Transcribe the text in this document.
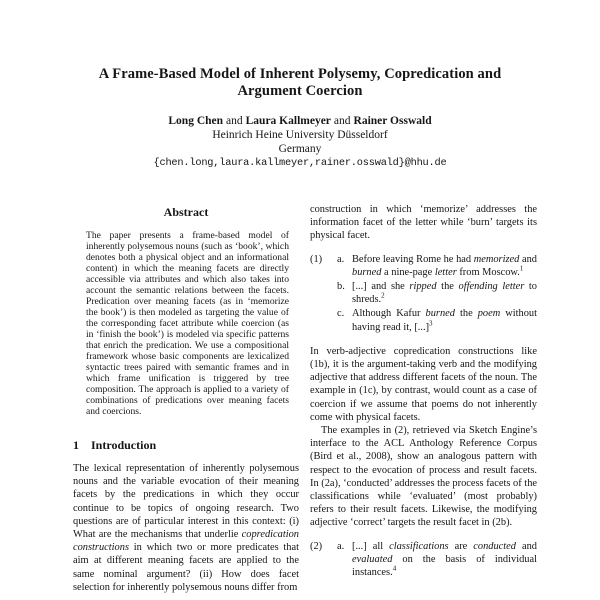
A Frame-Based Model of Inherent Polysemy, Copredication and
Argument Coercion
Long Chen and Laura Kallmeyer and Rainer Osswald
Heinrich Heine University Düsseldorf
Germany
{chen.long,laura.kallmeyer,rainer.osswald}@hhu.de
Abstract
The paper presents a frame-based model of inherently polysemous nouns (such as ‘book’, which denotes both a physical object and an informational content) in which the meaning facets are directly accessible via attributes and which also takes into account the semantic relations between the facets. Predication over meaning facets (as in ‘memorize the book’) is then modeled as targeting the value of the corresponding facet attribute while coercion (as in ‘finish the book’) is modeled via specific patterns that enrich the predication. We use a compositional framework whose basic components are lexicalized syntactic trees paired with semantic frames and in which frame unification is triggered by tree composition. The approach is applied to a variety of combinations of predications over meaning facets and coercions.
1 Introduction
The lexical representation of inherently polysemous nouns and the variable evocation of their meaning facets by the predications in which they occur continue to be topics of ongoing research. Two questions are of particular interest in this context: (i) What are the mechanisms that underlie copredication constructions in which two or more predicates that aim at different meaning facets are applied to the same nominal argument? (ii) How does facet selection for inherently polysemous nouns differ from
construction in which ‘memorize’ addresses the information facet of the letter while ‘burn’ targets its physical facet.
(1)	a. Before leaving Rome he had memorized and burned a nine-page letter from Moscow.$^1$
b. [...] and she ripped the offending letter to shreds.$^2$
c. Although Kafur burned the poem without having read it, [...]$^3$
In verb-adjective copredication constructions like (1b), it is the argument-taking verb and the modifying adjective that address different facets of the noun. The example in (1c), by contrast, would count as a case of coercion if we assume that poems do not inherently come with physical facets.
The examples in (2), retrieved via Sketch Engine’s interface to the ACL Anthology Reference Corpus (Bird et al., 2008), show an analogous pattern with respect to the evocation of process and result facets. In (2a), ‘conducted’ addresses the process facets of the classifications while ‘evaluated’ (most probably) refers to their result facets. Likewise, the modifying adjective ‘correct’ targets the result facet in (2b).
(2)	a. [...] all classifications are conducted and evaluated on the basis of individual instances.$^4$
